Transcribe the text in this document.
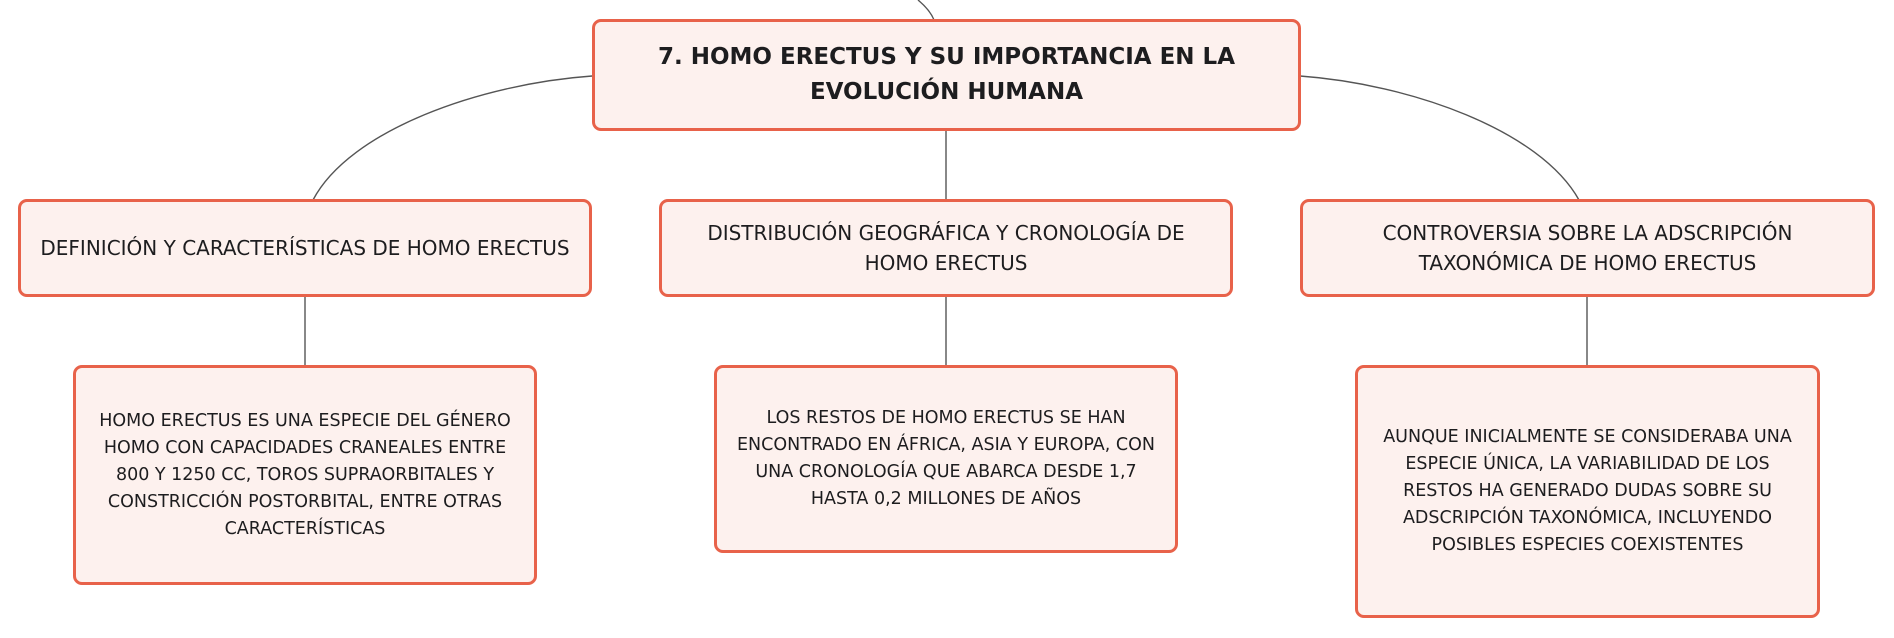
7. HOMO ERECTUS Y SU IMPORTANCIA EN LA EVOLUCIÓN HUMANA
DEFINICIÓN Y CARACTERÍSTICAS DE HOMO ERECTUS
DISTRIBUCIÓN GEOGRÁFICA Y CRONOLOGÍA DE HOMO ERECTUS
CONTROVERSIA SOBRE LA ADSCRIPCIÓN TAXONÓMICA DE HOMO ERECTUS
HOMO ERECTUS ES UNA ESPECIE DEL GÉNERO HOMO CON CAPACIDADES CRANEALES ENTRE 800 Y 1250 CC, TOROS SUPRAORBITALES Y CONSTRICCIÓN POSTORBITAL, ENTRE OTRAS CARACTERÍSTICAS
LOS RESTOS DE HOMO ERECTUS SE HAN ENCONTRADO EN ÁFRICA, ASIA Y EUROPA, CON UNA CRONOLOGÍA QUE ABARCA DESDE 1,7 HASTA 0,2 MILLONES DE AÑOS
AUNQUE INICIALMENTE SE CONSIDERABA UNA ESPECIE ÚNICA, LA VARIABILIDAD DE LOS RESTOS HA GENERADO DUDAS SOBRE SU ADSCRIPCIÓN TAXONÓMICA, INCLUYENDO POSIBLES ESPECIES COEXISTENTES
